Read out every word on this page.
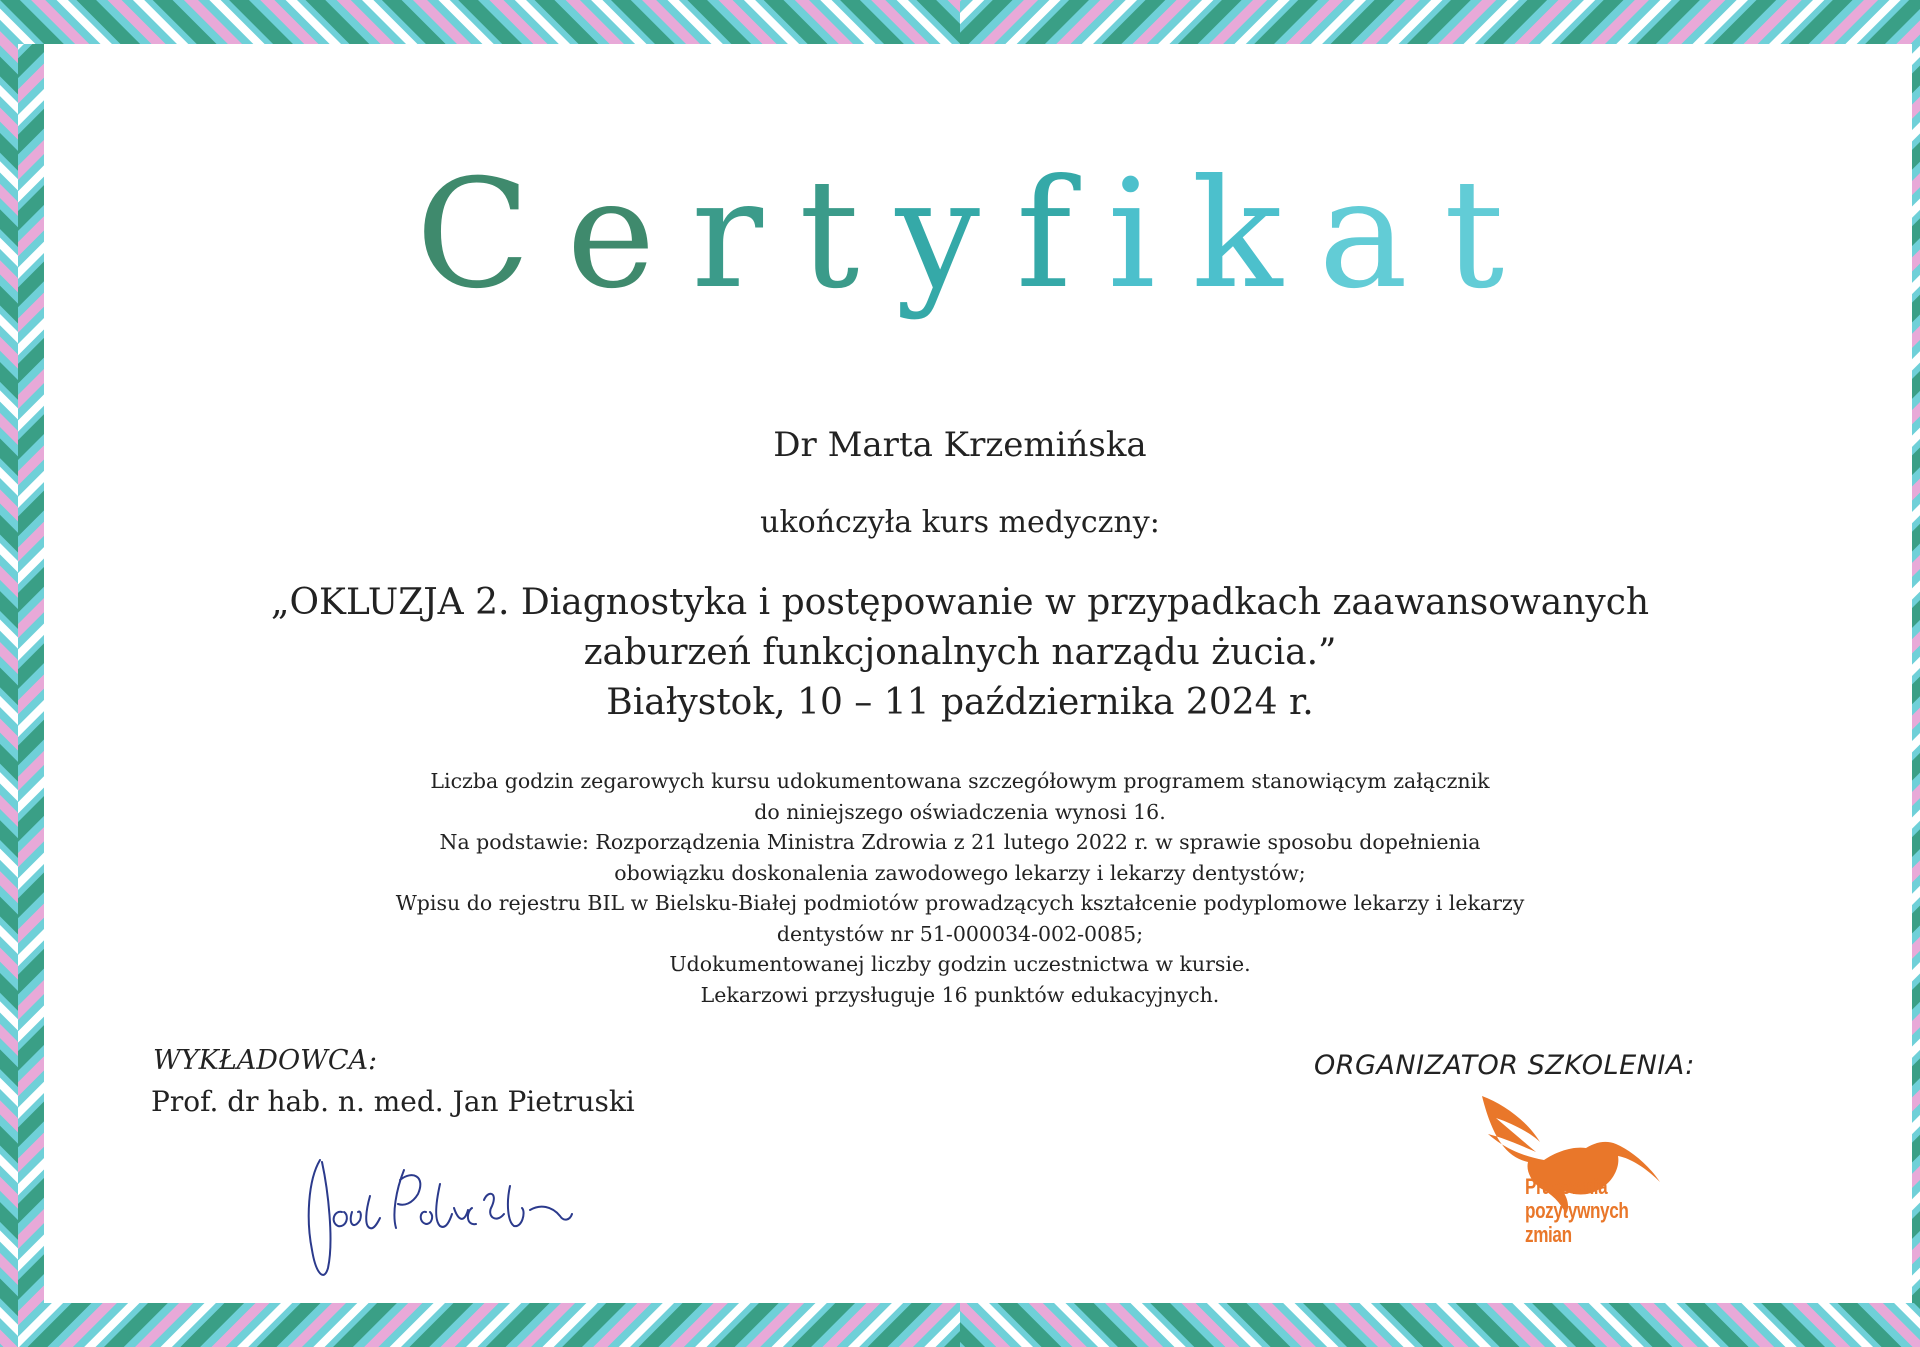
Certyfikat
Dr Marta Krzemińska
ukończyła kurs medyczny:
„OKLUZJA 2. Diagnostyka i postępowanie w przypadkach zaawansowanych
zaburzeń funkcjonalnych narządu żucia.”
Białystok, 10 – 11 października 2024 r.
Liczba godzin zegarowych kursu udokumentowana szczegółowym programem stanowiącym załącznik
do niniejszego oświadczenia wynosi 16.
Na podstawie: Rozporządzenia Ministra Zdrowia z 21 lutego 2022 r. w sprawie sposobu dopełnienia
obowiązku doskonalenia zawodowego lekarzy i lekarzy dentystów;
Wpisu do rejestru BIL w Bielsku-Białej podmiotów prowadzących kształcenie podyplomowe lekarzy i lekarzy
dentystów nr 51-000034-002-0085;
Udokumentowanej liczby godzin uczestnictwa w kursie.
Lekarzowi przysługuje 16 punktów edukacyjnych.
WYKŁADOWCA:
Prof. dr hab. n. med. Jan Pietruski
ORGANIZATOR SZKOLENIA:
Pracownia
pozytywnych
zmian
